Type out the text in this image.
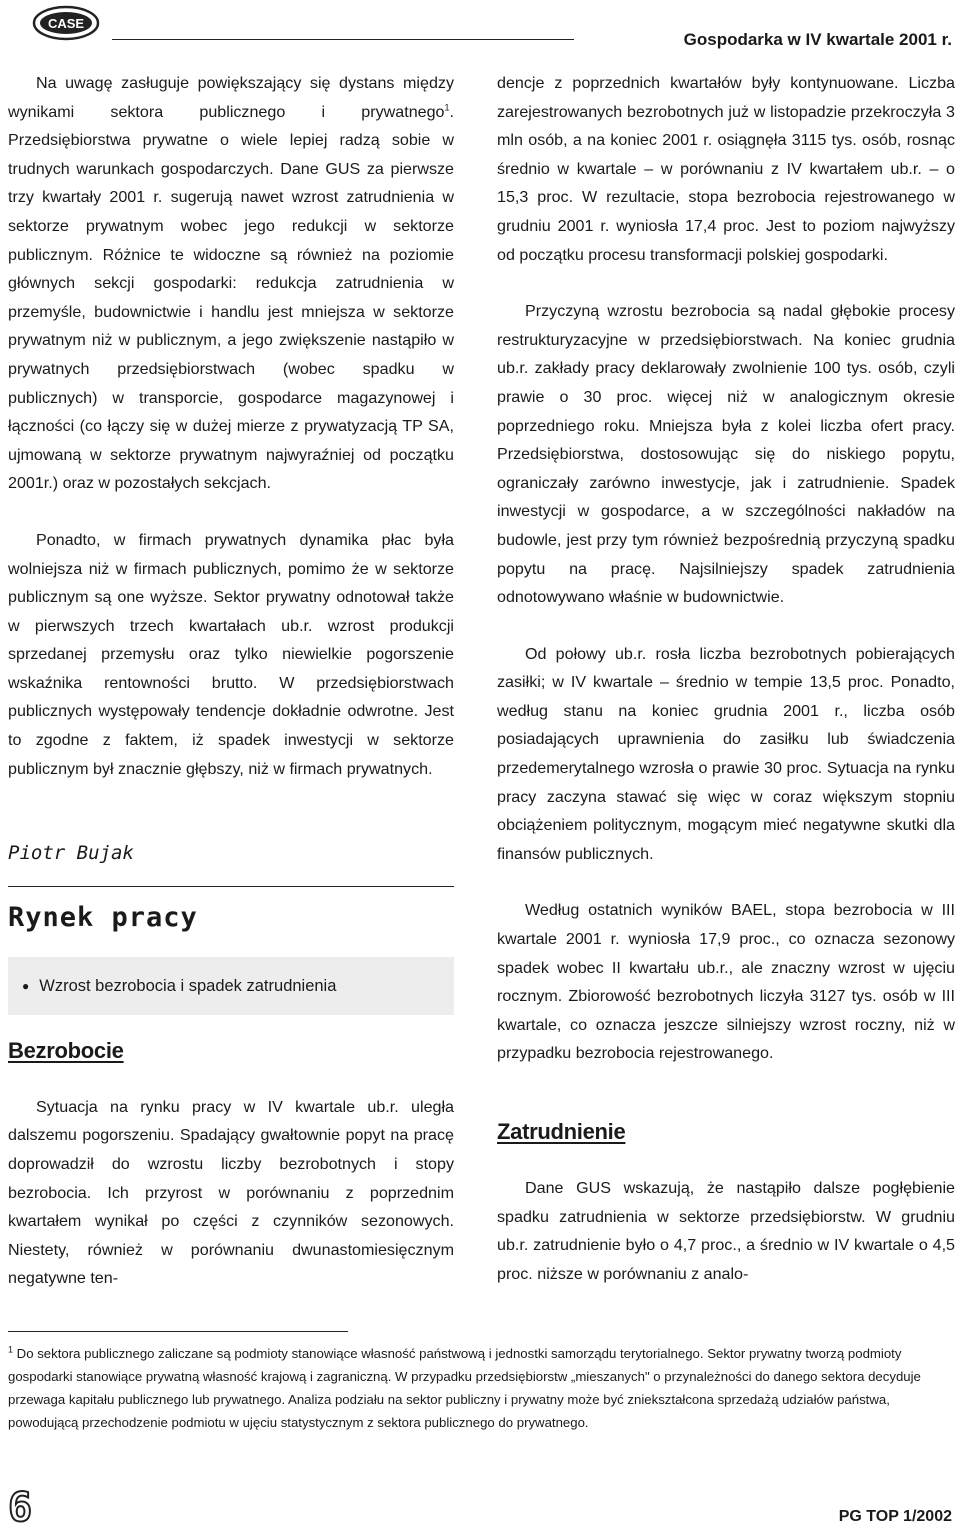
CASE
Gospodarka w IV kwartale 2001 r.

Na uwagę zasługuje powiększający się dystans między wynikami sektora publicznego i prywatnego$^1$. Przedsiębiorstwa prywatne o wiele lepiej radzą sobie w trudnych warunkach gospodarczych. Dane GUS za pierwsze trzy kwartały 2001 r. sugerują nawet wzrost zatrudnienia w sektorze prywatnym wobec jego redukcji w sektorze publicznym. Różnice te widoczne są również na poziomie głównych sekcji gospodarki: redukcja zatrudnienia w przemyśle, budownictwie i handlu jest mniejsza w sektorze prywatnym niż w publicznym, a jego zwiększenie nastąpiło w prywatnych przedsiębiorstwach (wobec spadku w publicznych) w transporcie, gospodarce magazynowej i łączności (co łączy się w dużej mierze z prywatyzacją TP SA, ujmowaną w sektorze prywatnym najwyraźniej od początku 2001r.) oraz w pozostałych sekcjach.

Ponadto, w firmach prywatnych dynamika płac była wolniejsza niż w firmach publicznych, pomimo że w sektorze publicznym są one wyższe. Sektor prywatny odnotował także w pierwszych trzech kwartałach ub.r. wzrost produkcji sprzedanej przemysłu oraz tylko niewielkie pogorszenie wskaźnika rentowności brutto. W przedsiębiorstwach publicznych występowały tendencje dokładnie odwrotne. Jest to zgodne z faktem, iż spadek inwestycji w sektorze publicznym był znacznie głębszy, niż w firmach prywatnych.

Piotr Bujak

Rynek pracy
● Wzrost bezrobocia i spadek zatrudnienia
Bezrobocie

Sytuacja na rynku pracy w IV kwartale ub.r. uległa dalszemu pogorszeniu. Spadający gwałtownie popyt na pracę doprowadził do wzrostu liczby bezrobotnych i stopy bezrobocia. Ich przyrost w porównaniu z poprzednim kwartałem wynikał po części z czynników sezonowych. Niestety, również w porównaniu dwunastomiesięcznym negatywne ten-

dencje z poprzednich kwartałów były kontynuowane. Liczba zarejestrowanych bezrobotnych już w listopadzie przekroczyła 3 mln osób, a na koniec 2001 r. osiągnęła 3115 tys. osób, rosnąc średnio w kwartale – w porównaniu z IV kwartałem ub.r. – o 15,3 proc. W rezultacie, stopa bezrobocia rejestrowanego w grudniu 2001 r. wyniosła 17,4 proc. Jest to poziom najwyższy od początku procesu transformacji polskiej gospodarki.

Przyczyną wzrostu bezrobocia są nadal głębokie procesy restrukturyzacyjne w przedsiębiorstwach. Na koniec grudnia ub.r. zakłady pracy deklarowały zwolnienie 100 tys. osób, czyli prawie o 30 proc. więcej niż w analogicznym okresie poprzedniego roku. Mniejsza była z kolei liczba ofert pracy. Przedsiębiorstwa, dostosowując się do niskiego popytu, ograniczały zarówno inwestycje, jak i zatrudnienie. Spadek inwestycji w gospodarce, a w szczególności nakładów na budowle, jest przy tym również bezpośrednią przyczyną spadku popytu na pracę. Najsilniejszy spadek zatrudnienia odnotowywano właśnie w budownictwie.

Od połowy ub.r. rosła liczba bezrobotnych pobierających zasiłki; w IV kwartale – średnio w tempie 13,5 proc. Ponadto, według stanu na koniec grudnia 2001 r., liczba osób posiadających uprawnienia do zasiłku lub świadczenia przedemerytalnego wzrosła o prawie 30 proc. Sytuacja na rynku pracy zaczyna stawać się więc w coraz większym stopniu obciążeniem politycznym, mogącym mieć negatywne skutki dla finansów publicznych.

Według ostatnich wyników BAEL, stopa bezrobocia w III kwartale 2001 r. wyniosła 17,9 proc., co oznacza sezonowy spadek wobec II kwartału ub.r., ale znaczny wzrost w ujęciu rocznym. Zbiorowość bezrobotnych liczyła 3127 tys. osób w III kwartale, co oznacza jeszcze silniejszy wzrost roczny, niż w przypadku bezrobocia rejestrowanego.

Zatrudnienie

Dane GUS wskazują, że nastąpiło dalsze pogłębienie spadku zatrudnienia w sektorze przedsiębiorstw. W grudniu ub.r. zatrudnienie było o 4,7 proc., a średnio w IV kwartale o 4,5 proc. niższe w porównaniu z analo-

$^1$ Do sektora publicznego zaliczane są podmioty stanowiące własność państwową i jednostki samorządu terytorialnego. Sektor prywatny tworzą podmioty gospodarki stanowiące prywatną własność krajową i zagraniczną. W przypadku przedsiębiorstw „mieszanych" o przynależności do danego sektora decyduje przewaga kapitału publicznego lub prywatnego. Analiza podziału na sektor publiczny i prywatny może być zniekształcona sprzedażą udziałów państwa, powodującą przechodzenie podmiotu w ujęciu statystycznym z sektora publicznego do prywatnego.
6	PG TOP 1/2002
